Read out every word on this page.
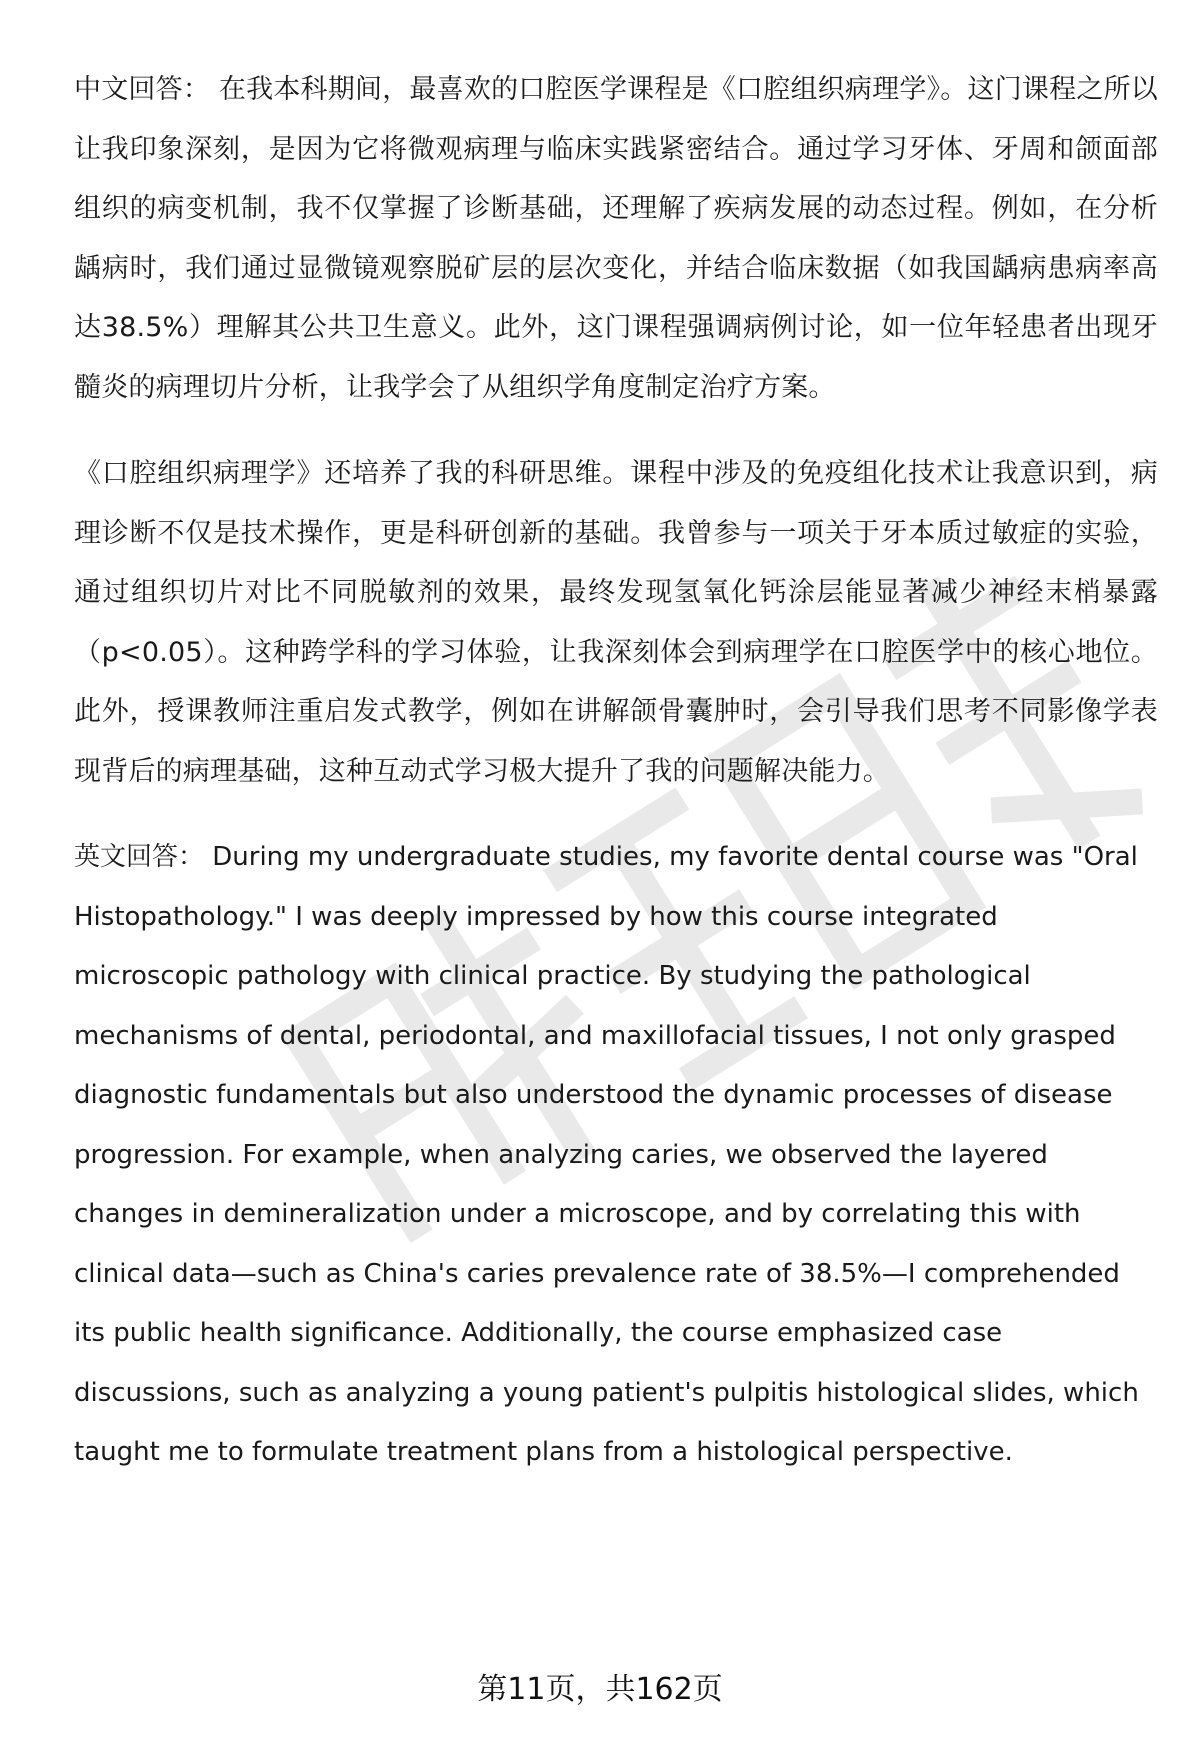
中文回答： 在我本科期间，最喜欢的口腔医学课程是《口腔组织病理学》。这门课程之所以让我印象深刻，是因为它将微观病理与临床实践紧密结合。通过学习牙体、牙周和颌面部组织的病变机制，我不仅掌握了诊断基础，还理解了疾病发展的动态过程。例如，在分析龋病时，我们通过显微镜观察脱矿层的层次变化，并结合临床数据（如我国龋病患病率高达38.5%）理解其公共卫生意义。此外，这门课程强调病例讨论，如一位年轻患者出现牙髓炎的病理切片分析，让我学会了从组织学角度制定治疗方案。

《口腔组织病理学》还培养了我的科研思维。课程中涉及的免疫组化技术让我意识到，病理诊断不仅是技术操作，更是科研创新的基础。我曾参与一项关于牙本质过敏症的实验，通过组织切片对比不同脱敏剂的效果，最终发现氢氧化钙涂层能显著减少神经末梢暴露（p<0.05）。这种跨学科的学习体验，让我深刻体会到病理学在口腔医学中的核心地位。此外，授课教师注重启发式教学，例如在讲解颌骨囊肿时，会引导我们思考不同影像学表现背后的病理基础，这种互动式学习极大提升了我的问题解决能力。

英文回答： During my undergraduate studies, my favorite dental course was "Oral Histopathology." I was deeply impressed by how this course integrated microscopic pathology with clinical practice. By studying the pathological mechanisms of dental, periodontal, and maxillofacial tissues, I not only grasped diagnostic fundamentals but also understood the dynamic processes of disease progression. For example, when analyzing caries, we observed the layered changes in demineralization under a microscope, and by correlating this with clinical data—such as China's caries prevalence rate of 38.5%—I comprehended its public health significance. Additionally, the course emphasized case discussions, such as analyzing a young patient's pulpitis histological slides, which taught me to formulate treatment plans from a histological perspective.

第11页，共162页
